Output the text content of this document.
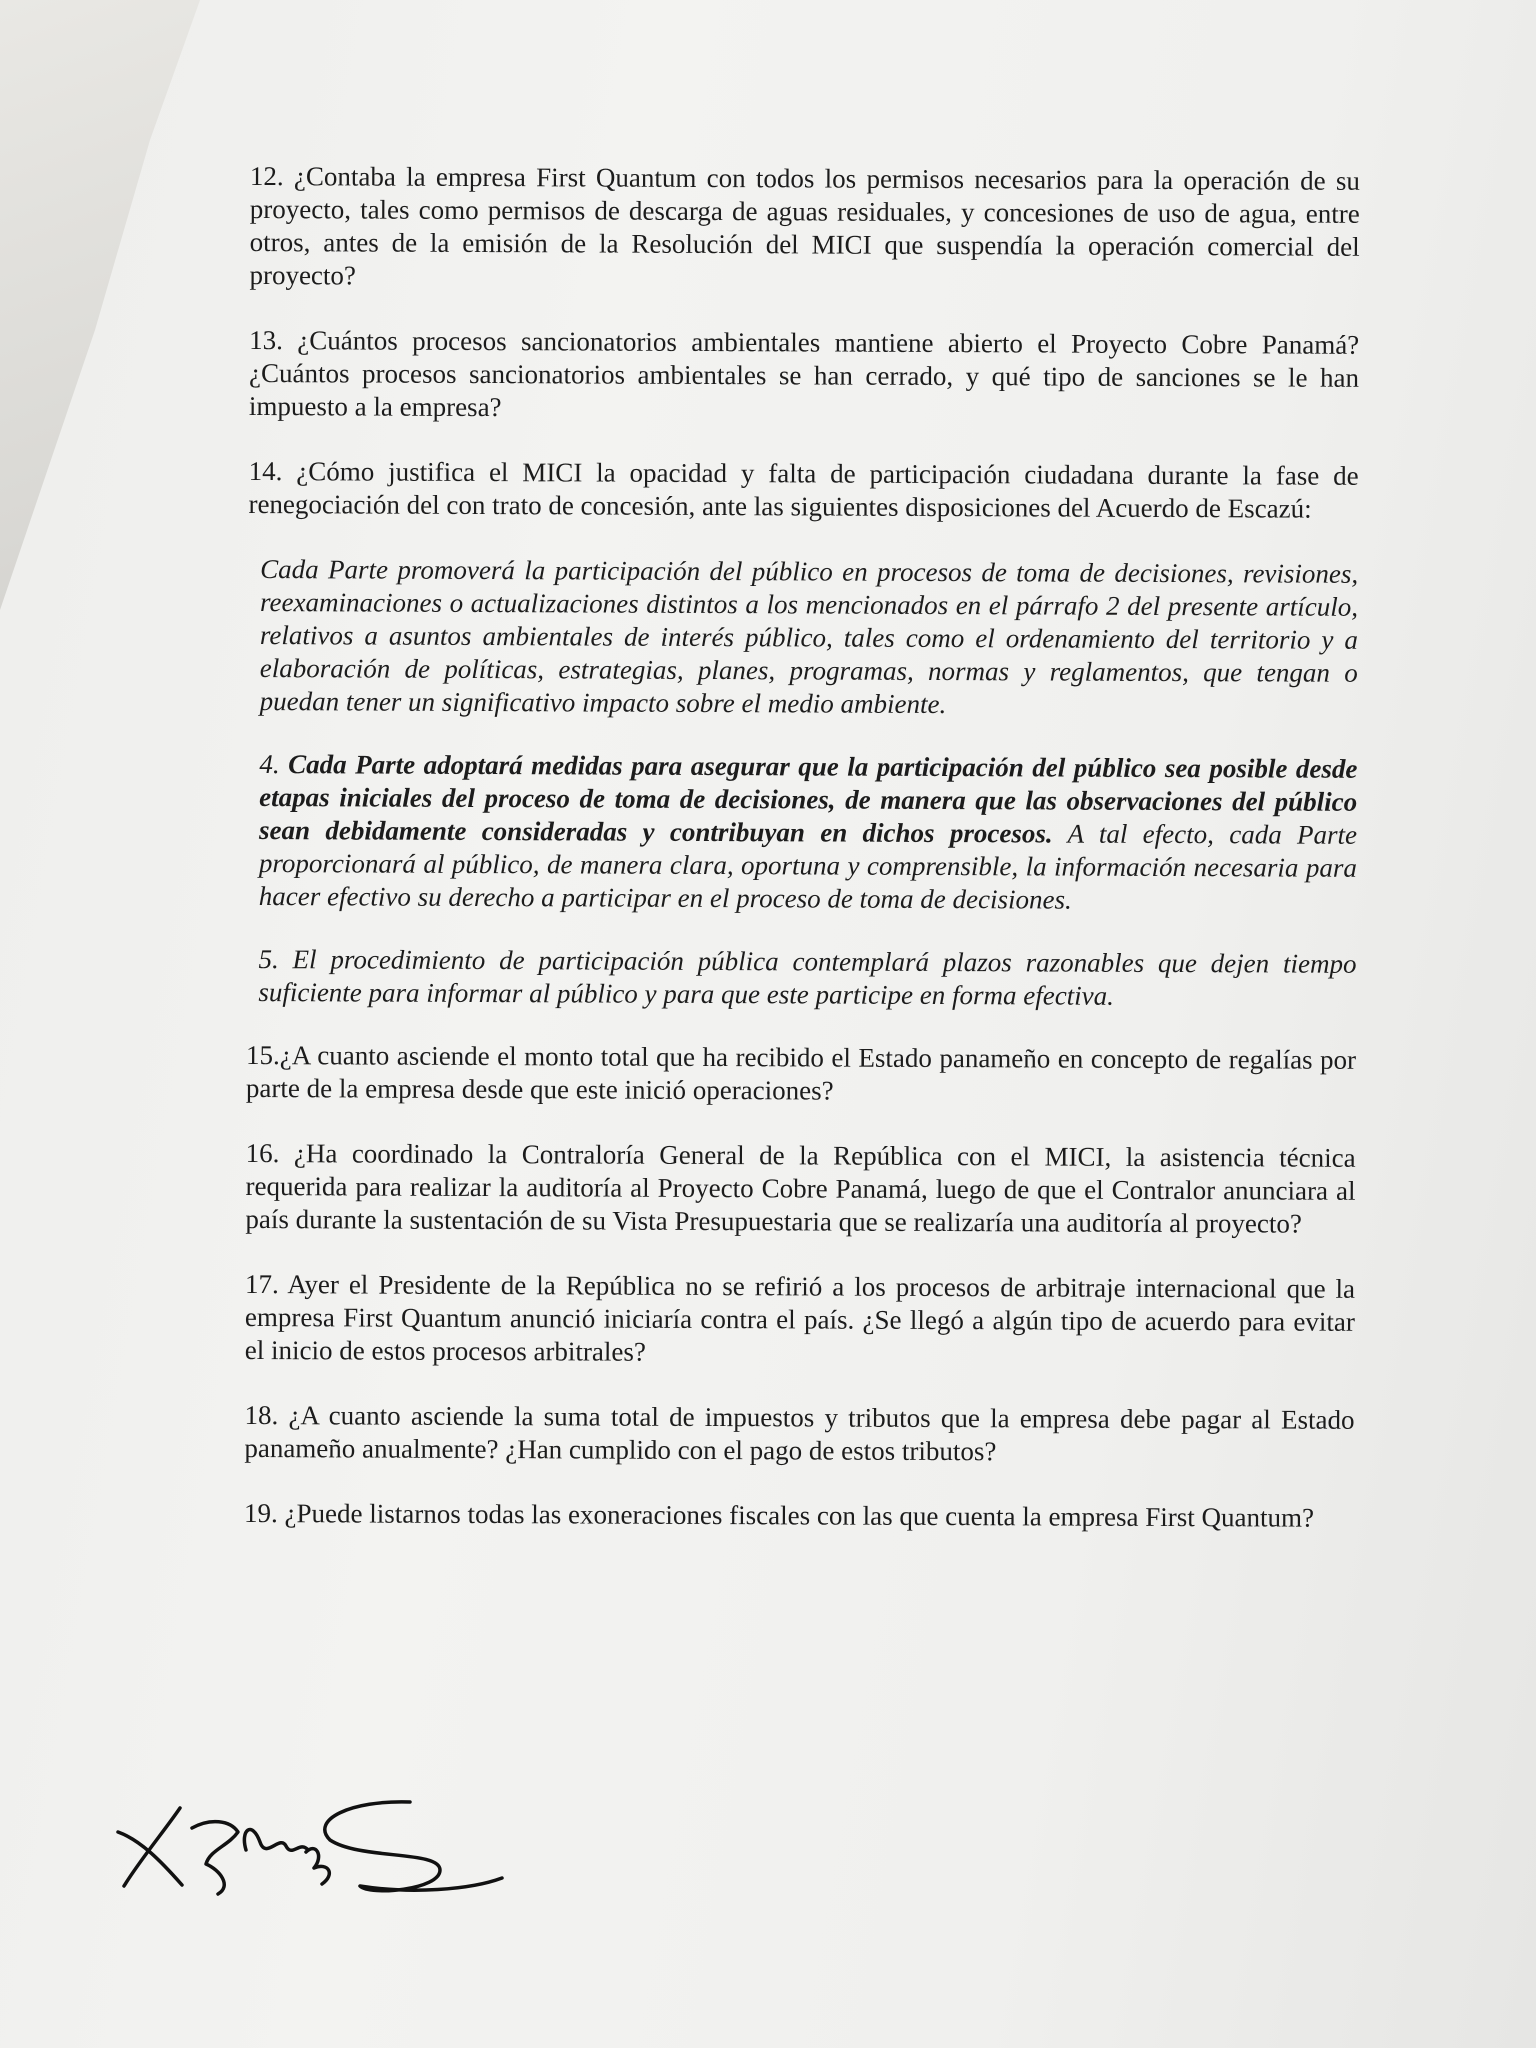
12. ¿Contaba la empresa First Quantum con todos los permisos necesarios para la operación de su proyecto, tales como permisos de descarga de aguas residuales, y concesiones de uso de agua, entre otros, antes de la emisión de la Resolución del MICI que suspendía la operación comercial del proyecto?

13. ¿Cuántos procesos sancionatorios ambientales mantiene abierto el Proyecto Cobre Panamá? ¿Cuántos procesos sancionatorios ambientales se han cerrado, y qué tipo de sanciones se le han impuesto a la empresa?

14. ¿Cómo justifica el MICI la opacidad y falta de participación ciudadana durante la fase de renegociación del con trato de concesión, ante las siguientes disposiciones del Acuerdo de Escazú:

Cada Parte promoverá la participación del público en procesos de toma de decisiones, revisiones, reexaminaciones o actualizaciones distintos a los mencionados en el párrafo 2 del presente artículo, relativos a asuntos ambientales de interés público, tales como el ordenamiento del territorio y a elaboración de políticas, estrategias, planes, programas, normas y reglamentos, que tengan o puedan tener un significativo impacto sobre el medio ambiente.

4. Cada Parte adoptará medidas para asegurar que la participación del público sea posible desde etapas iniciales del proceso de toma de decisiones, de manera que las observaciones del público sean debidamente consideradas y contribuyan en dichos procesos. A tal efecto, cada Parte proporcionará al público, de manera clara, oportuna y comprensible, la información necesaria para hacer efectivo su derecho a participar en el proceso de toma de decisiones.

5. El procedimiento de participación pública contemplará plazos razonables que dejen tiempo suficiente para informar al público y para que este participe en forma efectiva.

15.¿A cuanto asciende el monto total que ha recibido el Estado panameño en concepto de regalías por parte de la empresa desde que este inició operaciones?

16. ¿Ha coordinado la Contraloría General de la República con el MICI, la asistencia técnica requerida para realizar la auditoría al Proyecto Cobre Panamá, luego de que el Contralor anunciara al país durante la sustentación de su Vista Presupuestaria que se realizaría una auditoría al proyecto?

17. Ayer el Presidente de la República no se refirió a los procesos de arbitraje internacional que la empresa First Quantum anunció iniciaría contra el país. ¿Se llegó a algún tipo de acuerdo para evitar el inicio de estos procesos arbitrales?

18. ¿A cuanto asciende la suma total de impuestos y tributos que la empresa debe pagar al Estado panameño anualmente? ¿Han cumplido con el pago de estos tributos?

19. ¿Puede listarnos todas las exoneraciones fiscales con las que cuenta la empresa First Quantum?
